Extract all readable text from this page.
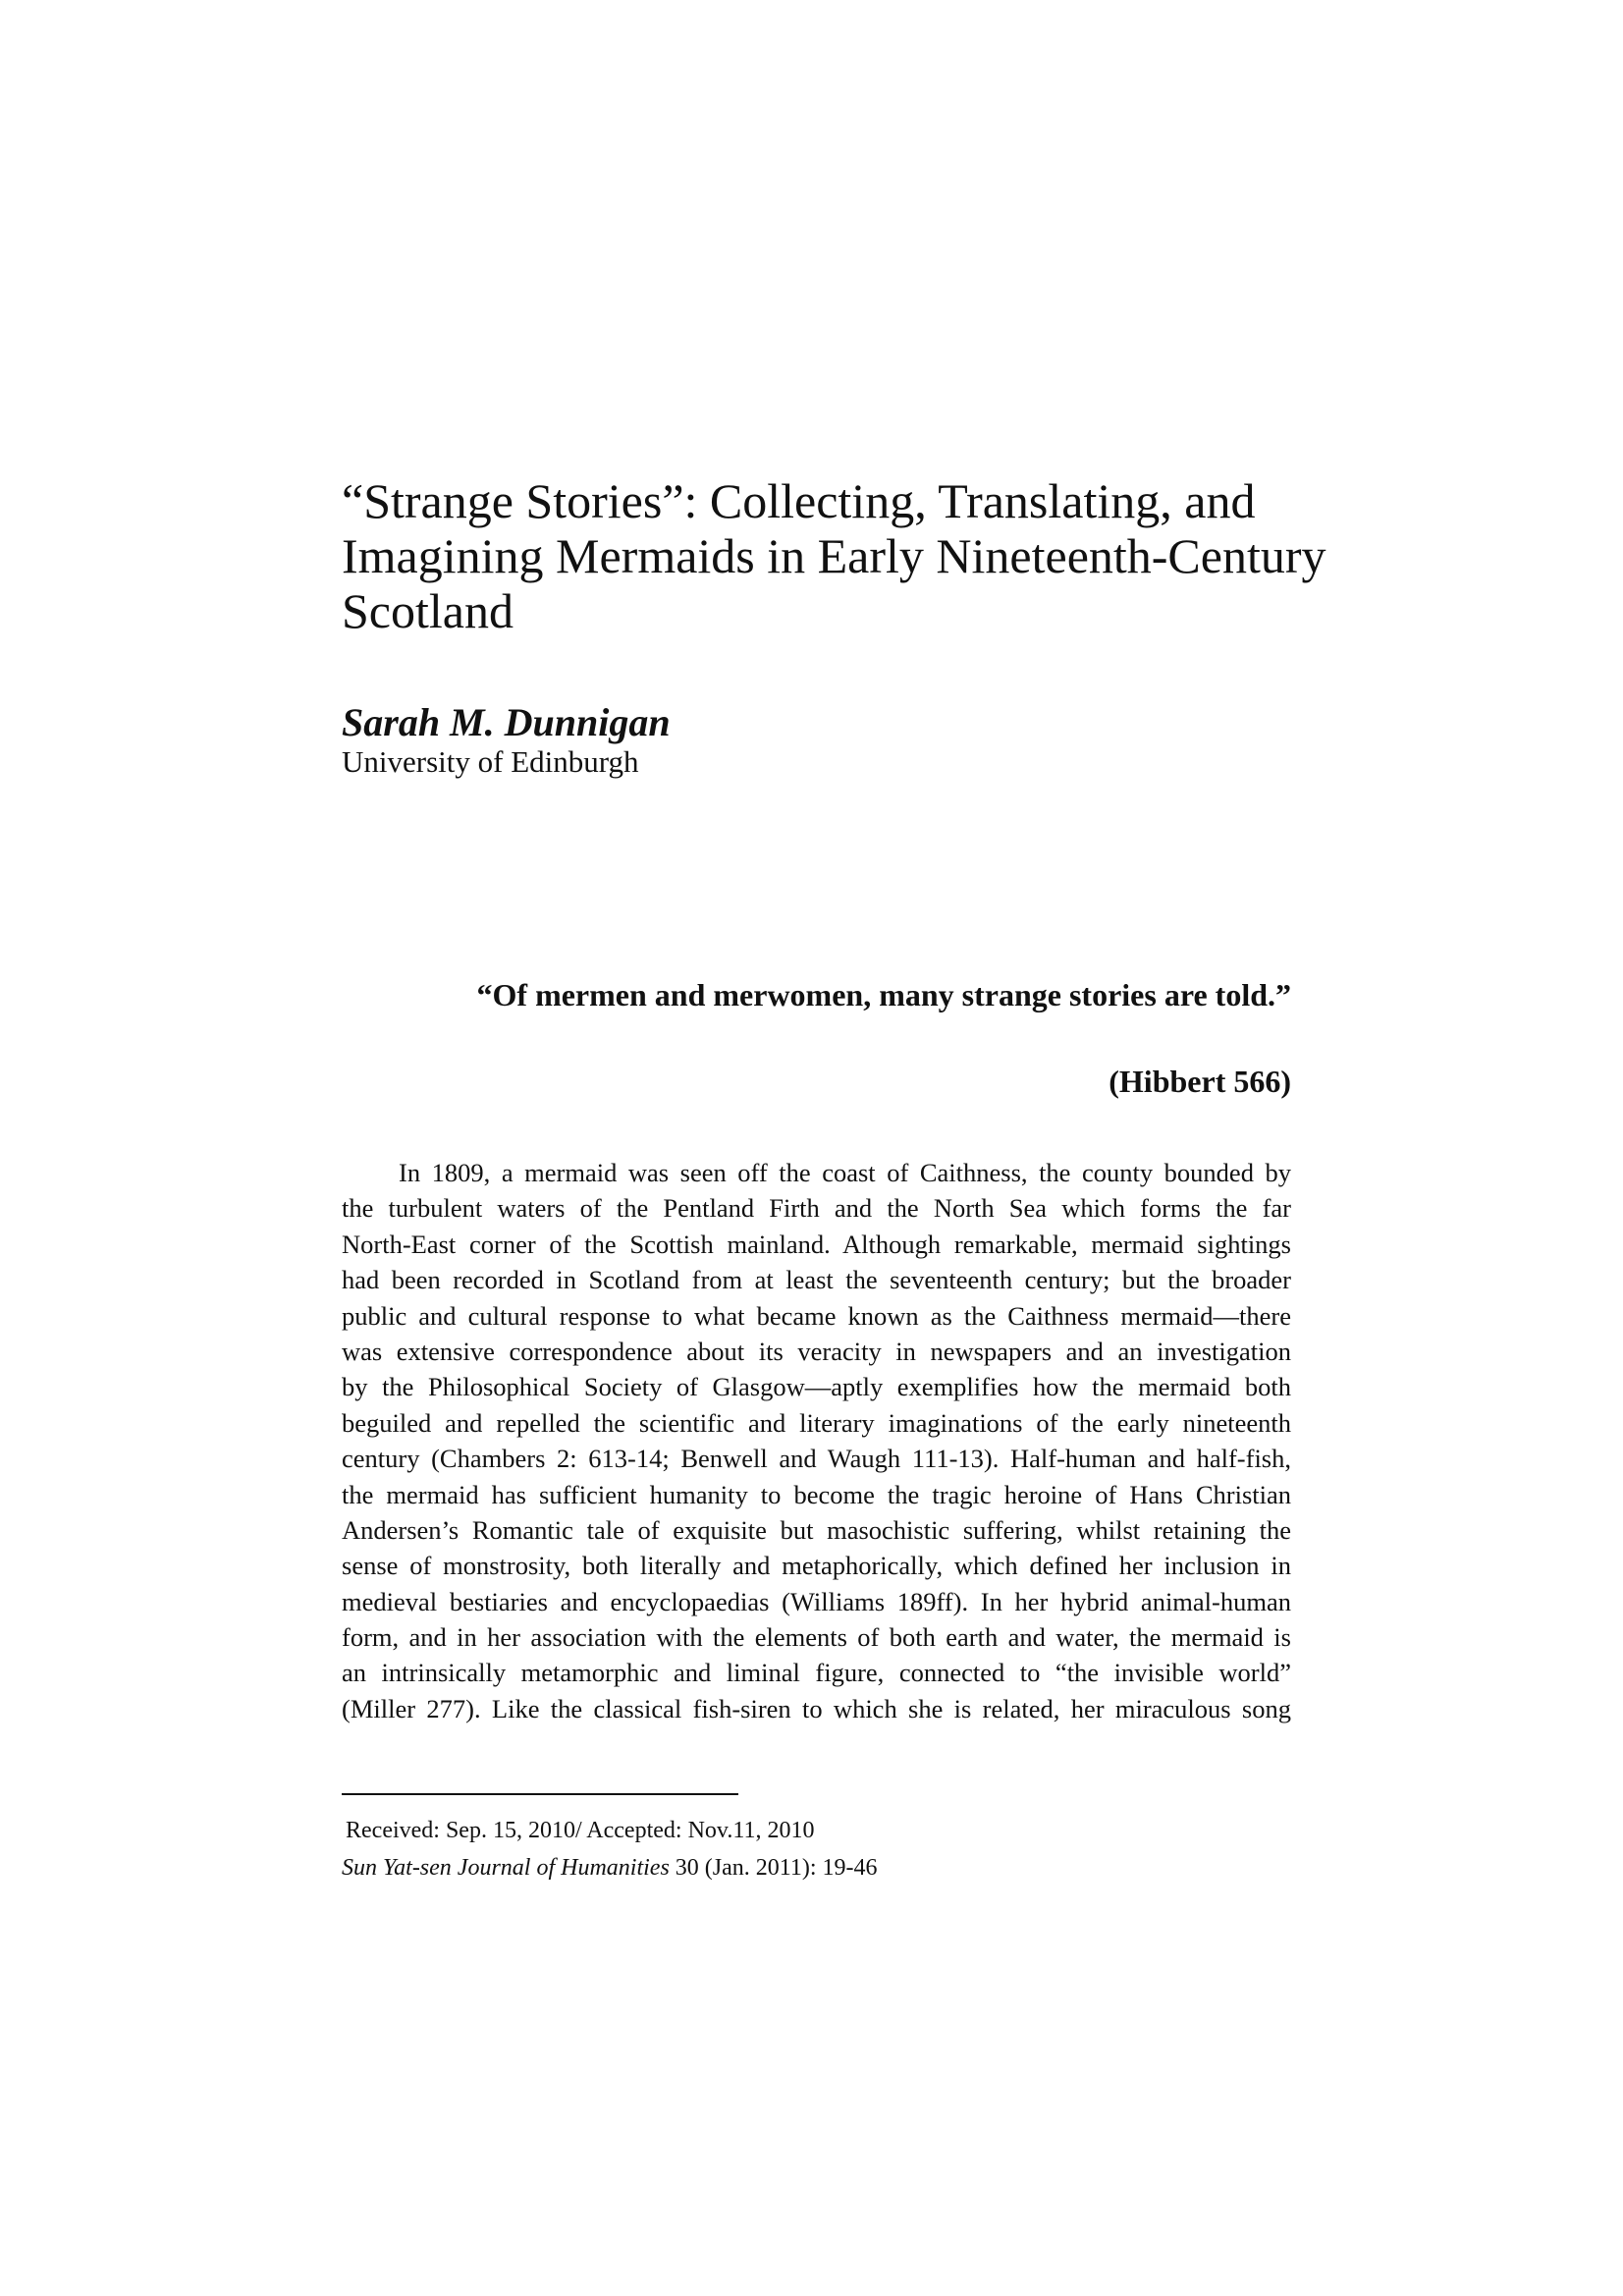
“Strange Stories”: Collecting, Translating, and
Imagining Mermaids in Early Nineteenth-Century
Scotland

Sarah M. Dunnigan

University of Edinburgh

“Of mermen and merwomen, many strange stories are told.”

(Hibbert 566)

In 1809, a mermaid was seen off the coast of Caithness, the county bounded by
the turbulent waters of the Pentland Firth and the North Sea which forms the far
North-East corner of the Scottish mainland. Although remarkable, mermaid sightings
had been recorded in Scotland from at least the seventeenth century; but the broader
public and cultural response to what became known as the Caithness mermaid—there
was extensive correspondence about its veracity in newspapers and an investigation
by the Philosophical Society of Glasgow—aptly exemplifies how the mermaid both
beguiled and repelled the scientific and literary imaginations of the early nineteenth
century (Chambers 2: 613-14; Benwell and Waugh 111-13). Half-human and half-fish,
the mermaid has sufficient humanity to become the tragic heroine of Hans Christian
Andersen’s Romantic tale of exquisite but masochistic suffering, whilst retaining the
sense of monstrosity, both literally and metaphorically, which defined her inclusion in
medieval bestiaries and encyclopaedias (Williams 189ff). In her hybrid animal-human
form, and in her association with the elements of both earth and water, the mermaid is
an intrinsically metamorphic and liminal figure, connected to “the invisible world”
(Miller 277). Like the classical fish-siren to which she is related, her miraculous song

Received: Sep. 15, 2010/ Accepted: Nov.11, 2010

Sun Yat-sen Journal of Humanities 30 (Jan. 2011): 19-46
